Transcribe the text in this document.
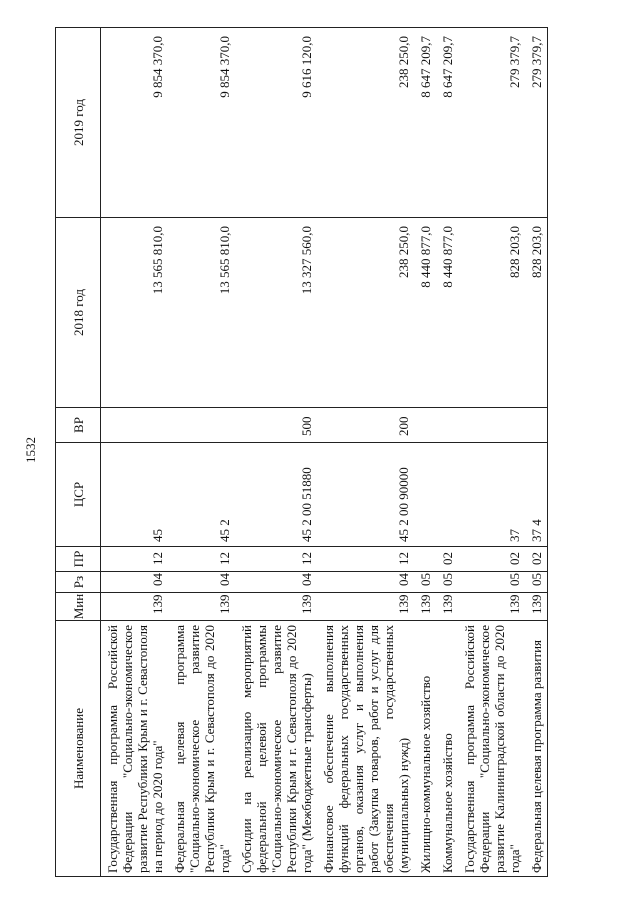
1532
Наименование	Мин	Рз	ПР	ЦСР	ВР	2018 год	2019 год
Государственная программа Российской Федерации "Социально-экономическое развитие Республики Крым и г. Севастополя на период до 2020 года"	139	04	12	45		13 565 810,0	9 854 370,0
Федеральная целевая программа "Социально-экономическое развитие Республики Крым и г. Севастополя до 2020 года"	139	04	12	45 2		13 565 810,0	9 854 370,0
Субсидии на реализацию мероприятий федеральной целевой программы "Социально-экономическое развитие Республики Крым и г. Севастополя до 2020 года" (Межбюджетные трансферты)	139	04	12	45 2 00 51880	500	13 327 560,0	9 616 120,0
Финансовое обеспечение выполнения функций федеральных государственных органов, оказания услуг и выполнения работ (Закупка товаров, работ и услуг для обеспечения государственных (муниципальных) нужд)	139	04	12	45 2 00 90000	200	238 250,0	238 250,0
Жилищно-коммунальное хозяйство	139	05				8 440 877,0	8 647 209,7
Коммунальное хозяйство	139	05	02			8 440 877,0	8 647 209,7
Государственная программа Российской Федерации "Социально-экономическое развитие Калининградской области до 2020 года"	139	05	02	37		828 203,0	279 379,7
Федеральная целевая программа развития	139	05	02	37 4		828 203,0	279 379,7
